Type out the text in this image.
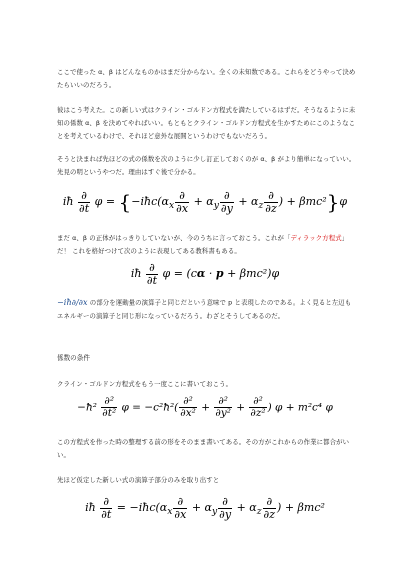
ここで使った α、β はどんなものかはまだ分からない。全くの未知数である。これらをどうやって決めたらいいのだろう。

彼はこう考えた。この新しい式はクライン・ゴルドン方程式を満たしているはずだ。そうなるように未知の係数 α、β を決めてやればいい。もともとクライン・ゴルドン方程式を生かすためにこのようなことを考えているわけで、それほど意外な展開というわけでもないだろう。

そうと決まれば先ほどの式の係数を次のように少し訂正しておくのが α、β がより簡単になっていい。先見の明というやつだ。理由はすぐ後で分かる。

iħ $\frac{\partial}{\partial t}$ $\varphi = \{-iħc(\alpha_x \frac{\partial}{\partial x} + \alpha_y \frac{\partial}{\partial y} + \alpha_z \frac{\partial}{\partial z}$ ) + βmc²}φ

まだ α、β の正体がはっきりしていないが、今のうちに言っておこう。これが「ディラック方程式」だ！ これを格好つけて次のように表現してある教科書もある。

iħ $\frac{\partial}{\partial t}$ φ = (cα · p + βmc²)φ

−iħ∂/∂x の部分を運動量の演算子と同じだという意味で p と表現したのである。よく見ると左辺もエネルギーの演算子と同じ形になっているだろう。わざとそうしてあるのだ。

係数の条件

クライン・ゴルドン方程式をもう一度ここに書いておこう。

−ħ² $\frac{\text{∂²}}{\text{∂t²}}$ φ = −c²ħ²( $\frac{\text{∂²}}{\text{∂x²}} + \frac{\text{∂²}}{\text{∂y²}} + \frac{\text{∂²}}{\text{∂z²}}$ ) φ + m²c⁴ φ

この方程式を作った時の整理する前の形をそのまま書いてある。その方がこれからの作業に都合がいい。

先ほど仮定した新しい式の演算子部分のみを取り出すと

iħ $\frac{\partial}{\partial t}$ = $-iħc(\alpha_x \frac{\partial}{\partial x} + \alpha_y \frac{\partial}{\partial y} + \alpha_z \frac{\partial}{\partial z}$ ) + βmc²
